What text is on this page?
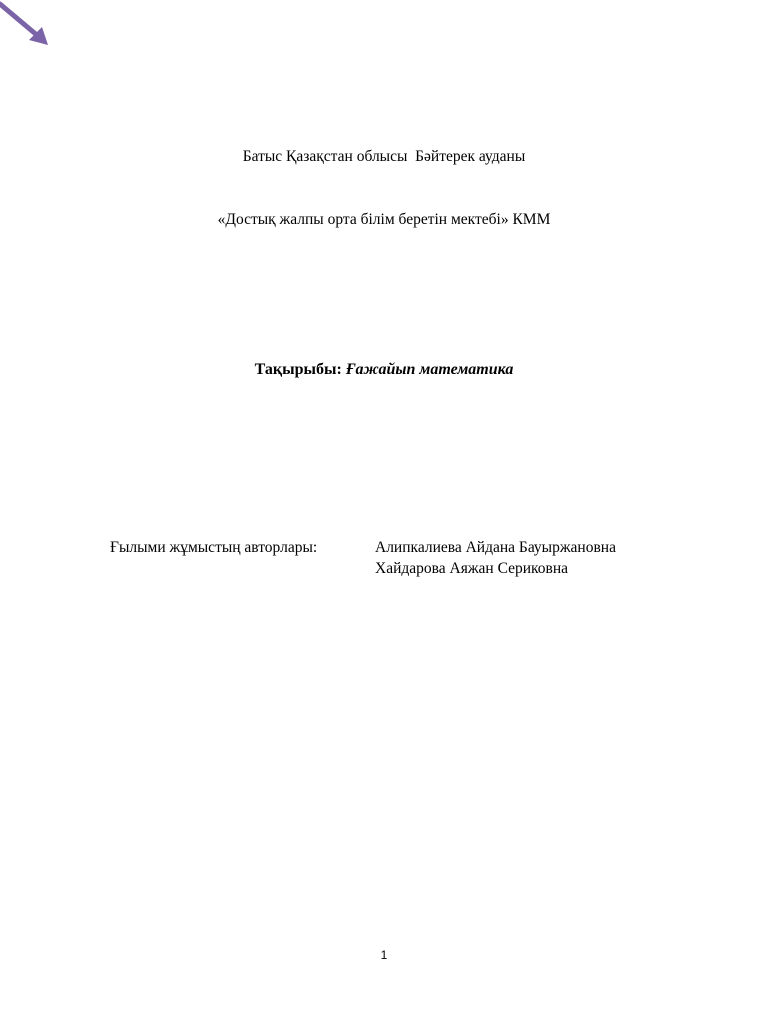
Батыс Қазақстан облысы  Бәйтерек ауданы

«Достық жалпы орта білім беретін мектебі» КММ

Тақырыбы: Ғажайып математика
Ғылыми жұмыстың авторлары:	Алипкалиева Айдана Бауыржановна
Хайдарова Аяжан Сериковна
1
